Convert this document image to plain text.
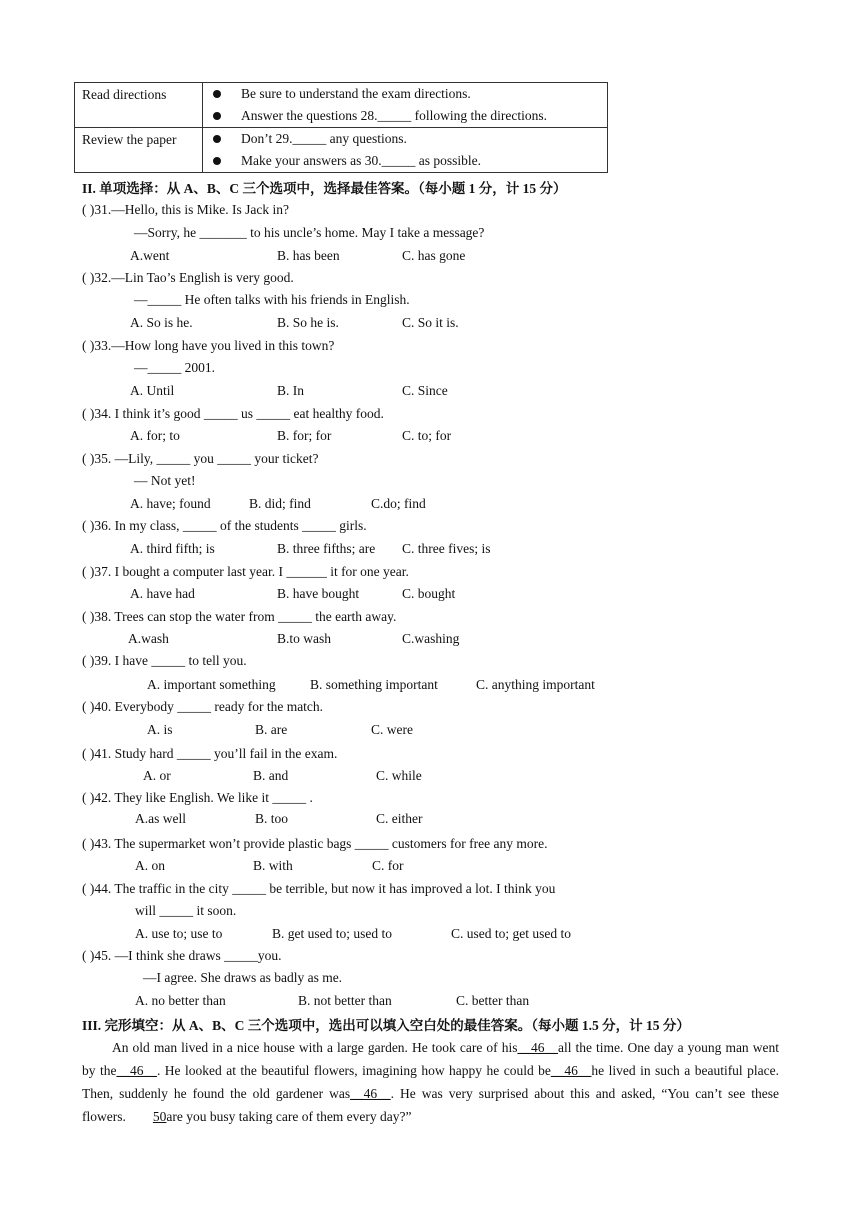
Read directions	Be sure to understand the exam directions.
Answer the questions 28._____ following the directions.

Review the paper	Don’t 29._____ any questions.
Make your answers as 30._____ as possible.
II. 单项选择：从 A、B、C 三个选项中，选择最佳答案。（每小题 1 分，计 15 分）
( )31.—Hello, this is Mike. Is Jack in?
—Sorry, he _______ to his uncle’s home. May I take a message?
A.went	B. has been	C. has gone
( )32.—Lin Tao’s English is very good.
—_____ He often talks with his friends in English.
A. So is he.	B. So he is.	C. So it is.
( )33.—How long have you lived in this town?
—_____ 2001.
A. Until	B. In	C. Since
( )34. I think it’s good _____ us _____ eat healthy food.
A. for; to	B. for; for	C. to; for
( )35. —Lily, _____ you _____ your ticket?
— Not yet!
A. have; found	B. did; find	C.do; find
( )36. In my class, _____ of the students _____ girls.
A. third fifth; is	B. three fifths; are C. three fives; is
( )37. I bought a computer last year. I ______ it for one year.
A. have had	B. have bought	C. bought
( )38. Trees can stop the water from _____ the earth away.
A.wash	B.to wash	C.washing
( )39. I have _____ to tell you.
A. important something	B. something important	C. anything important
( )40. Everybody _____ ready for the match.
A. is	B. are	C. were
( )41. Study hard _____ you’ll fail in the exam.
A. or	B. and	C. while
( )42. They like English. We like it _____ .
A.as well	B. too	C. either
( )43. The supermarket won’t provide plastic bags _____ customers for free any more.
A. on	B. with	C. for
( )44. The traffic in the city _____ be terrible, but now it has improved a lot. I think you
will _____ it soon.
A. use to; use to	B. get used to; used to	C. used to; get used to
( )45. —I think she draws _____you.
—I agree. She draws as badly as me.
A. no better than	B. not better than	C. better than
III. 完形填空：从 A、B、C 三个选项中，选出可以填入空白处的最佳答案。（每小题 1.5 分，计 15 分）
An old man lived in a nice house with a large garden. He took care of his__46__all the time. One day a young man went by the__46__. He looked at the beautiful flowers, imagining how happy he could be__46__he lived in such a beautiful place. Then, suddenly he found the old gardener was__46__. He was very surprised about this and asked, “You can’t see these flowers. 50are you busy taking care of them every day?”
